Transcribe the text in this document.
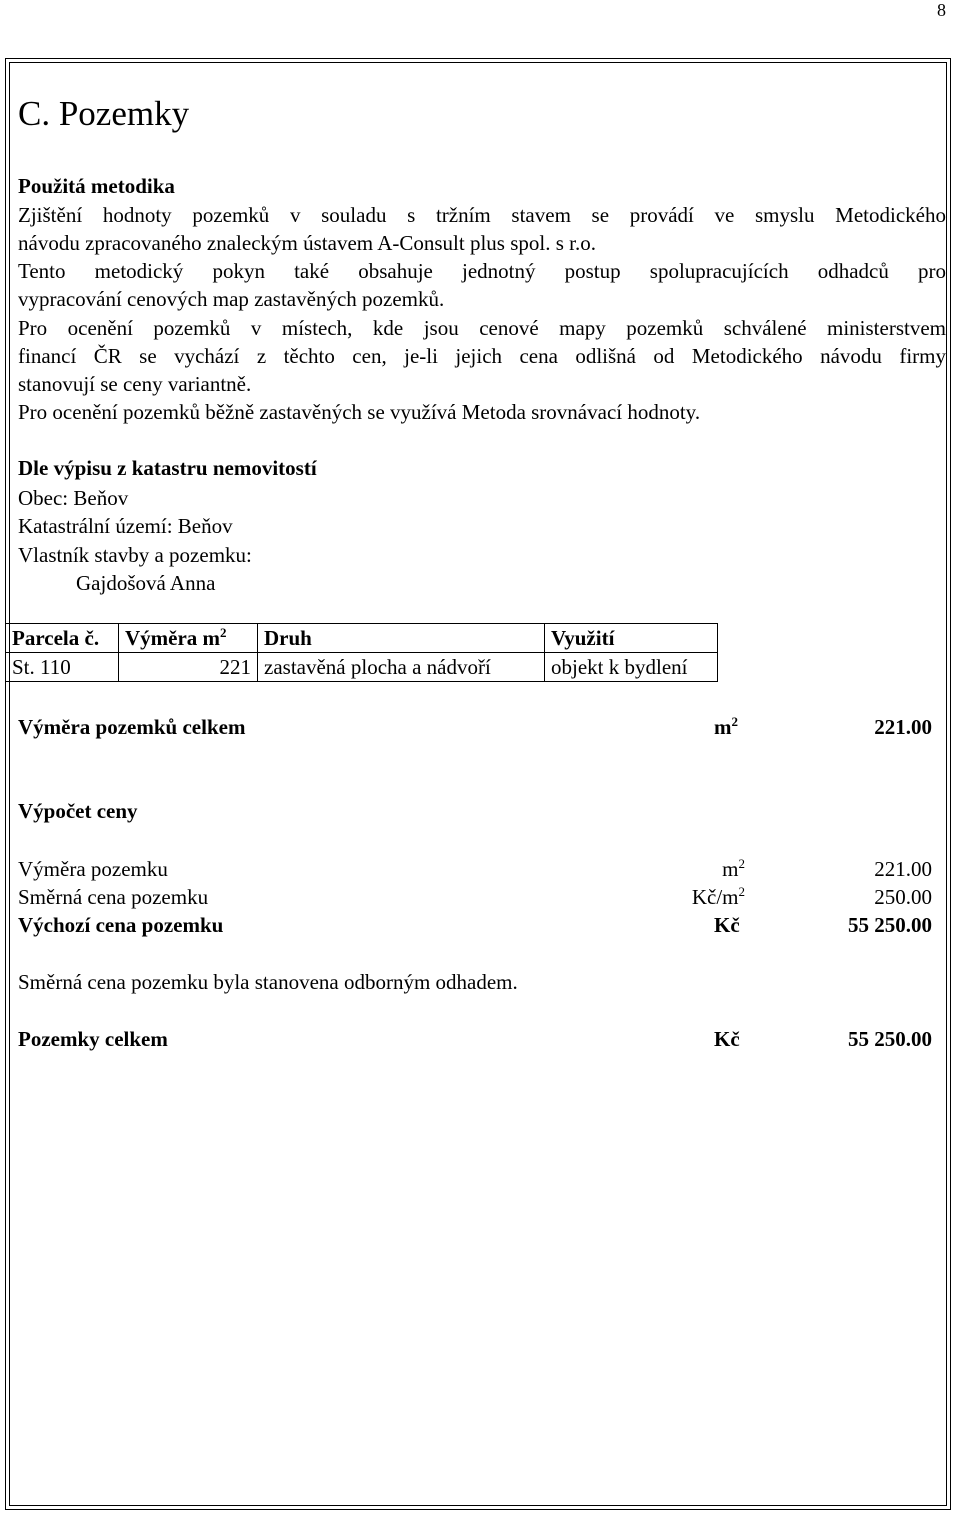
8
C. Pozemky
Použitá metodika
Zjištění hodnoty pozemků v souladu s tržním stavem se provádí ve smyslu Metodického
návodu zpracovaného znaleckým ústavem A-Consult plus spol. s r.o.
Tento metodický pokyn také obsahuje jednotný postup spolupracujících odhadců pro
vypracování cenových map zastavěných pozemků.
Pro ocenění pozemků v místech, kde jsou cenové mapy pozemků schválené ministerstvem
financí ČR se vychází z těchto cen, je-li jejich cena odlišná od Metodického návodu firmy
stanovují se ceny variantně.
Pro ocenění pozemků běžně zastavěných se využívá Metoda srovnávací hodnoty.
Dle výpisu z katastru nemovitostí
Obec: Beňov
Katastrální území: Beňov
Vlastník stavby a pozemku:
Gajdošová Anna
Parcela č.	Výměra $m^2$	Druh	Využití
St. 110	221	zastavěná plocha a nádvoří	objekt k bydlení
Výměra pozemků celkem	$m^2$	221.00
Výpočet ceny
Výměra pozemku	$m^2$	221.00
Směrná cena pozemku	$Kč/m^2$	250.00
Výchozí cena pozemku	Kč	55 250.00
Směrná cena pozemku byla stanovena odborným odhadem.
Pozemky celkem	Kč	55 250.00
